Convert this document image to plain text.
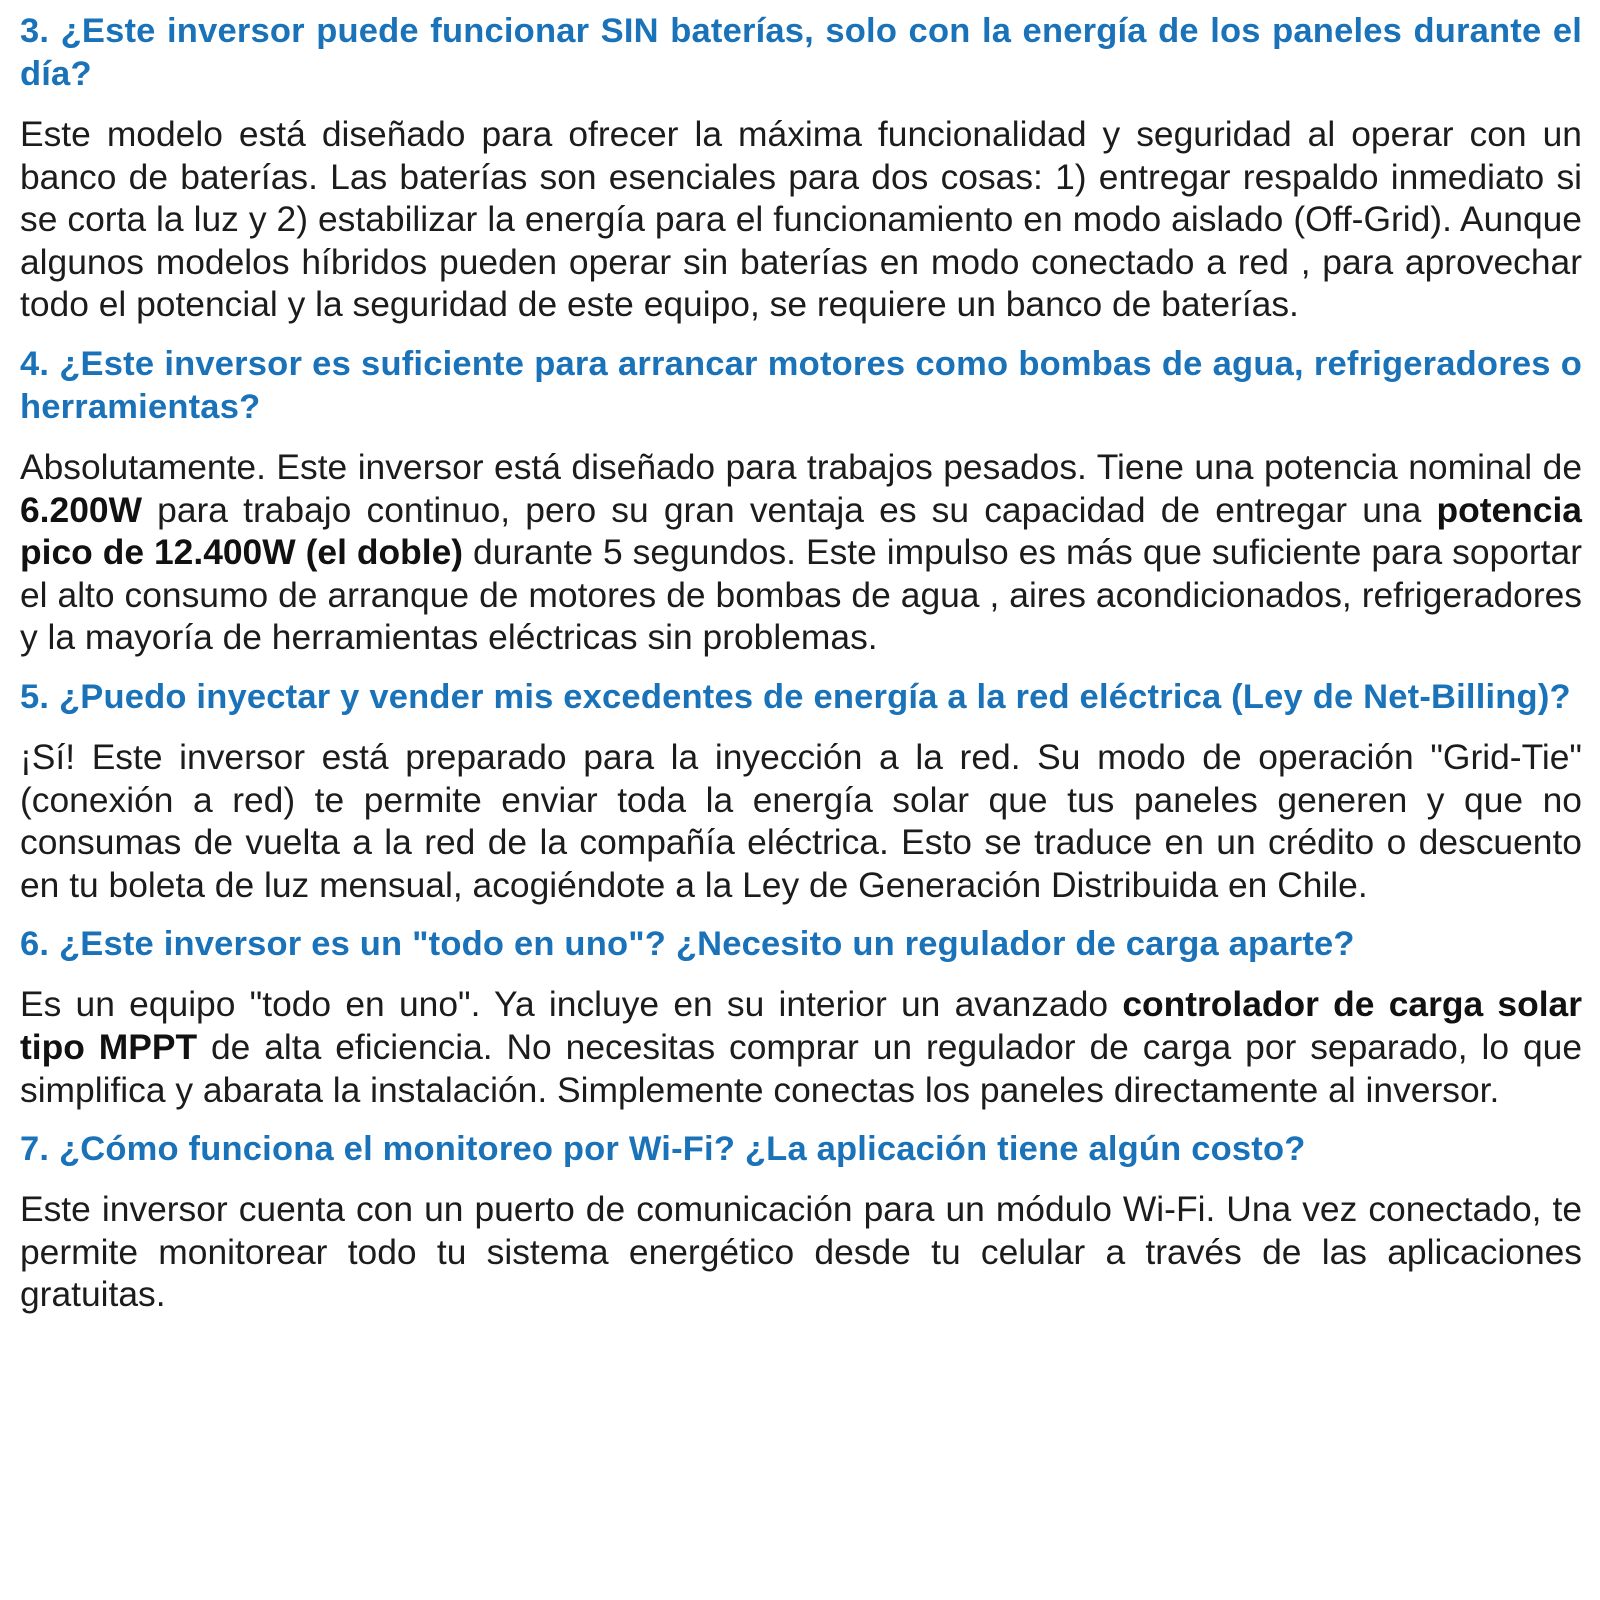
3. ¿Este inversor puede funcionar SIN baterías, solo con la energía de los paneles durante el día?

Este modelo está diseñado para ofrecer la máxima funcionalidad y seguridad al operar con un banco de baterías. Las baterías son esenciales para dos cosas: 1) entregar respaldo inmediato si se corta la luz y 2) estabilizar la energía para el funcionamiento en modo aislado (Off-Grid). Aunque algunos modelos híbridos pueden operar sin baterías en modo conectado a red , para aprovechar todo el potencial y la seguridad de este equipo, se requiere un banco de baterías.

4. ¿Este inversor es suficiente para arrancar motores como bombas de agua, refrigeradores o herramientas?

Absolutamente. Este inversor está diseñado para trabajos pesados. Tiene una potencia nominal de 6.200W para trabajo continuo, pero su gran ventaja es su capacidad de entregar una potencia pico de 12.400W (el doble) durante 5 segundos. Este impulso es más que suficiente para soportar el alto consumo de arranque de motores de bombas de agua , aires acondicionados, refrigeradores y la mayoría de herramientas eléctricas sin problemas.

5. ¿Puedo inyectar y vender mis excedentes de energía a la red eléctrica (Ley de Net-Billing)?

¡Sí! Este inversor está preparado para la inyección a la red. Su modo de operación "Grid-Tie" (conexión a red) te permite enviar toda la energía solar que tus paneles generen y que no consumas de vuelta a la red de la compañía eléctrica. Esto se traduce en un crédito o descuento en tu boleta de luz mensual, acogiéndote a la Ley de Generación Distribuida en Chile.

6. ¿Este inversor es un "todo en uno"? ¿Necesito un regulador de carga aparte?

Es un equipo "todo en uno". Ya incluye en su interior un avanzado controlador de carga solar tipo MPPT de alta eficiencia. No necesitas comprar un regulador de carga por separado, lo que simplifica y abarata la instalación. Simplemente conectas los paneles directamente al inversor.

7. ¿Cómo funciona el monitoreo por Wi-Fi? ¿La aplicación tiene algún costo?

Este inversor cuenta con un puerto de comunicación para un módulo Wi-Fi. Una vez conectado, te permite monitorear todo tu sistema energético desde tu celular a través de las aplicaciones gratuitas.
